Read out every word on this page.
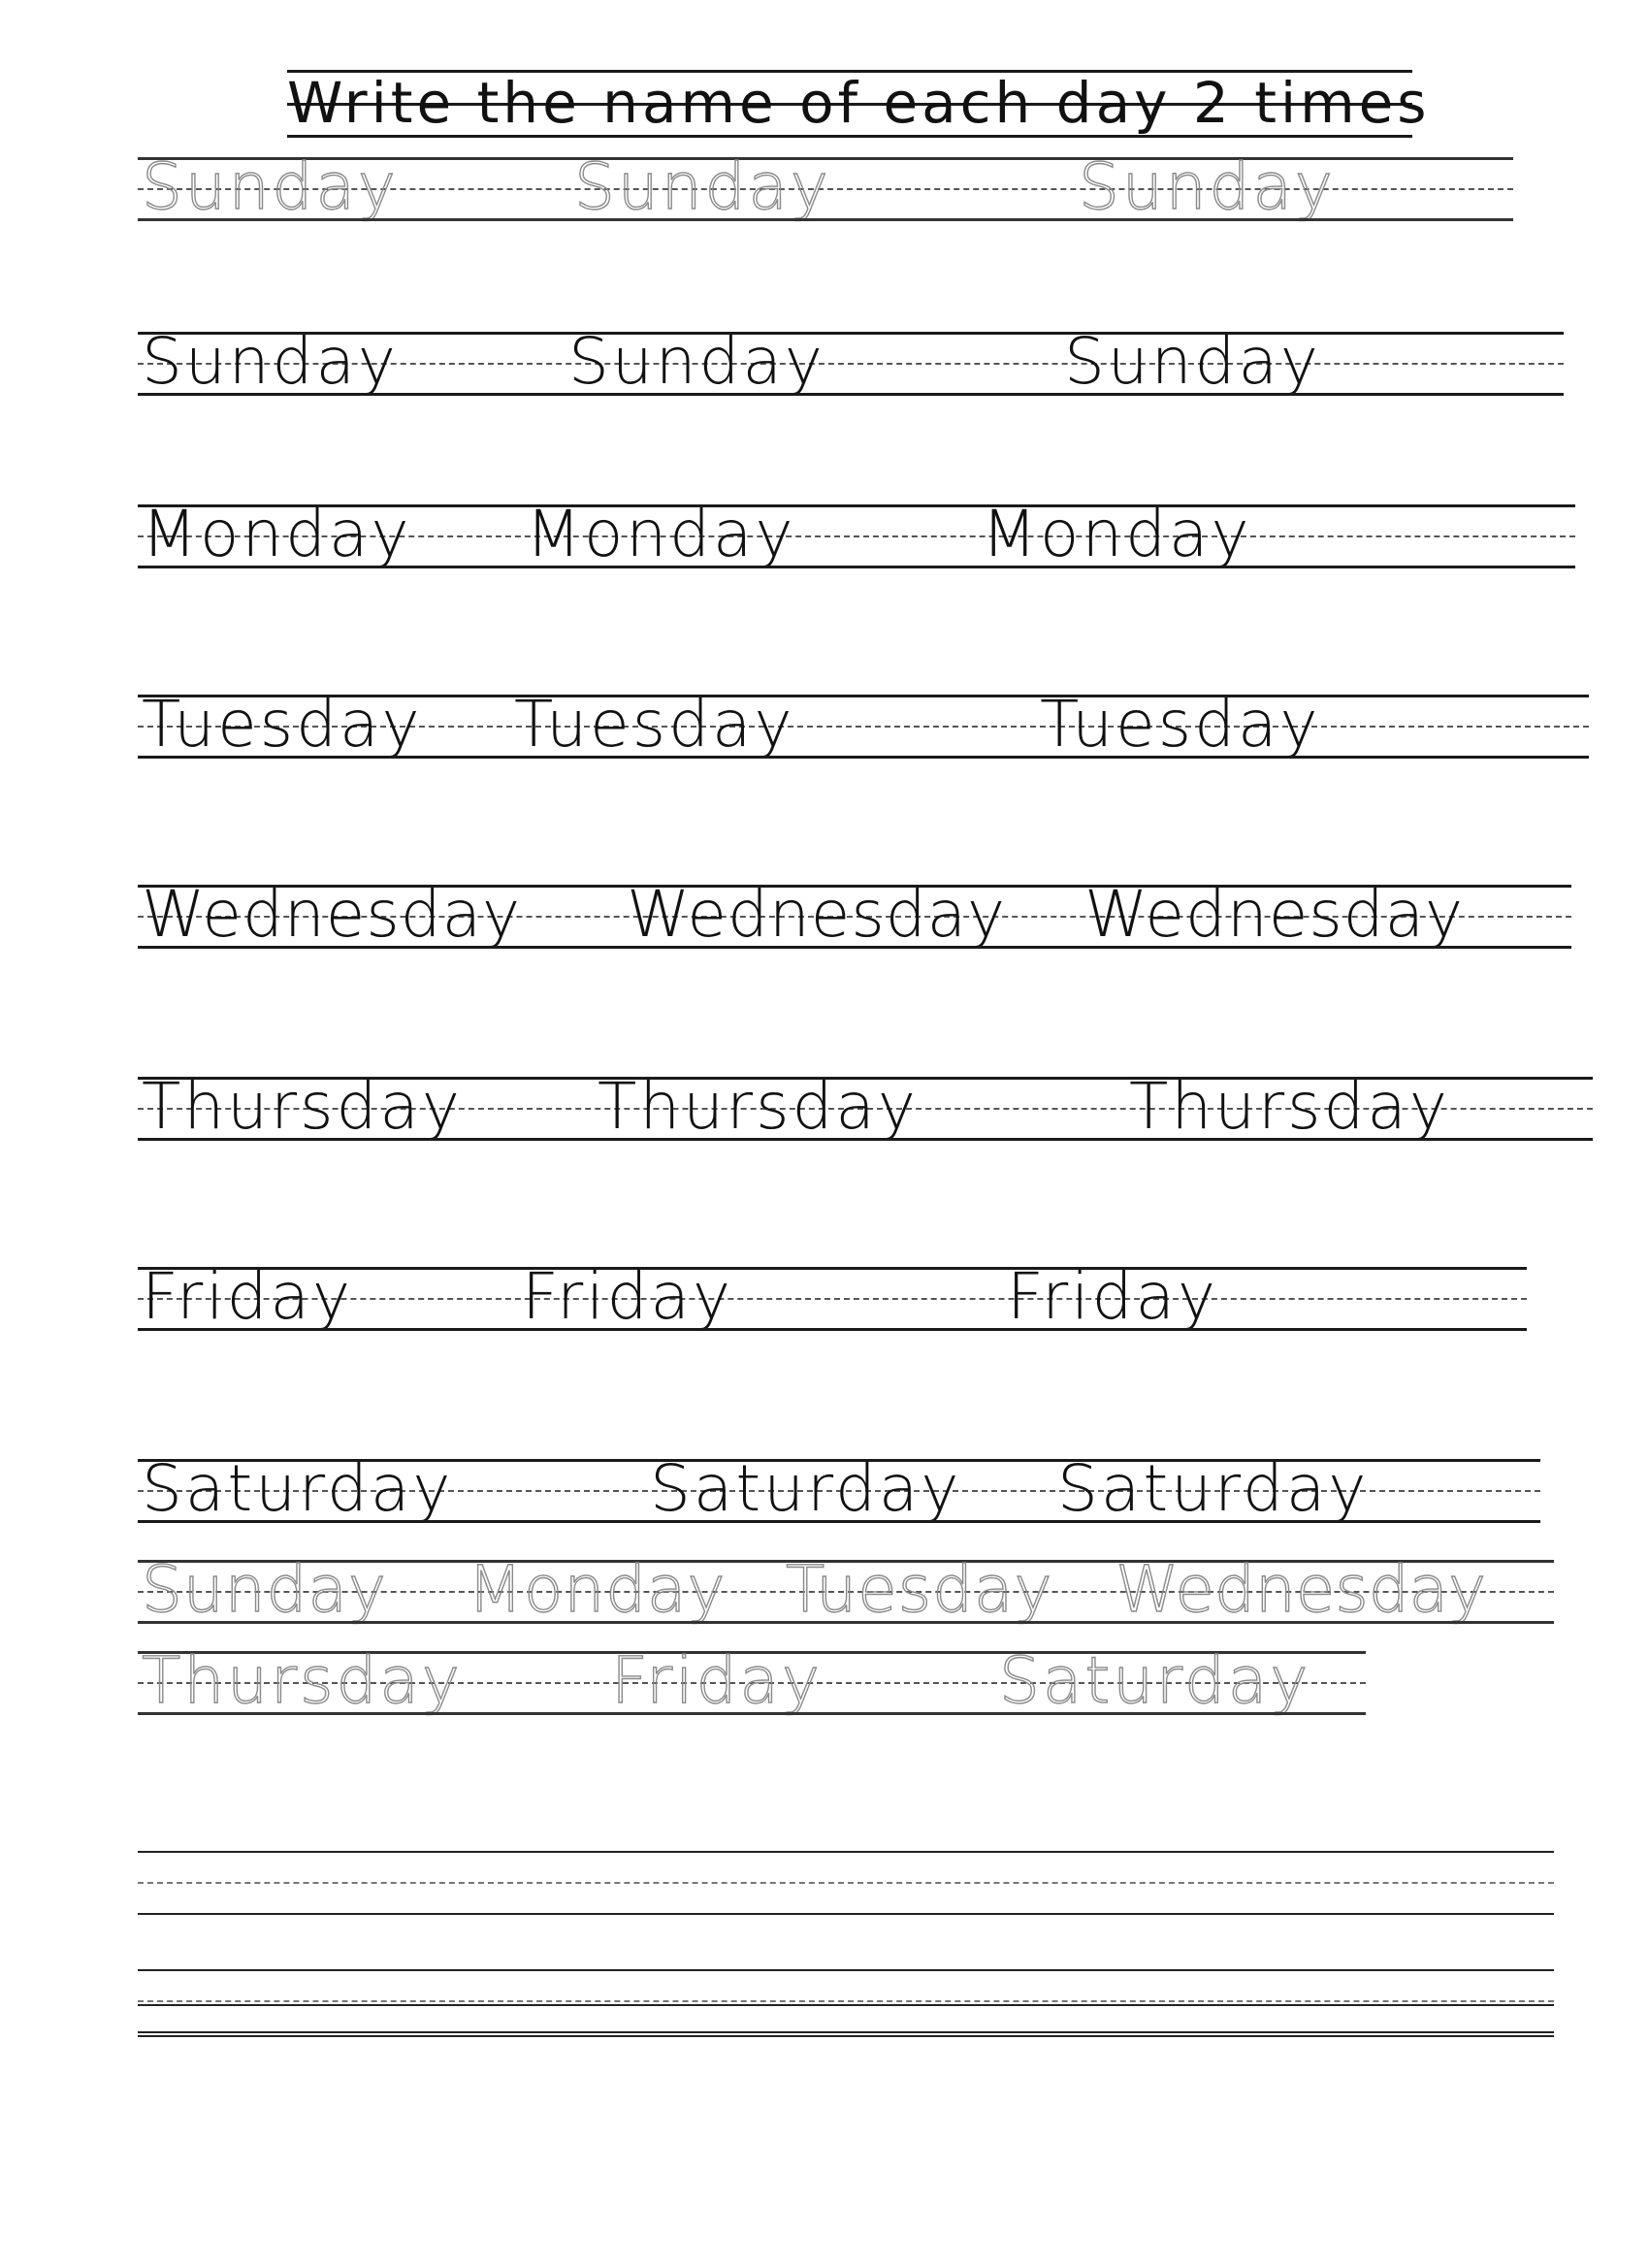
Write the name of each day 2 times
Sunday	Sunday	Sunday
Sunday	Sunday	Sunday
Monday Monday	Monday
Tuesday Tuesday	Tuesday
Wednesday Wednesday Wednesday
Thursday Thursday	Thursday
Friday	Friday	Friday
Saturday	Saturday Saturday
Sunday Monday Tuesday Wednesday
Thursday Friday	Saturday
